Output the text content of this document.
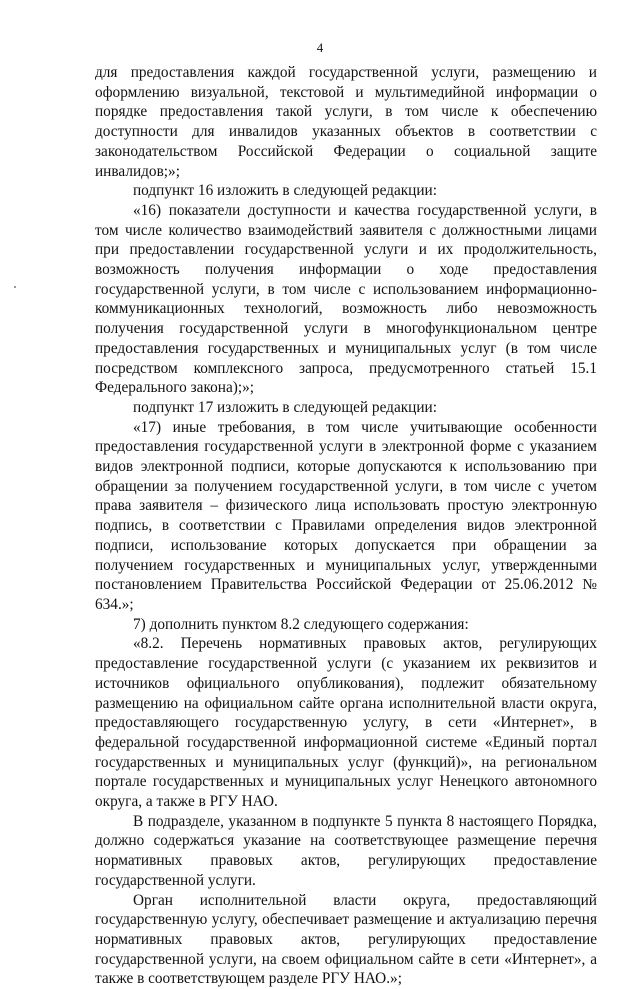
4

для предоставления каждой государственной услуги, размещению и оформлению визуальной, текстовой и мультимедийной информации о порядке предоставления такой услуги, в том числе к обеспечению доступности для инвалидов указанных объектов в соответствии с законодательством Российской Федерации о социальной защите инвалидов;»;

подпункт 16 изложить в следующей редакции:

«16) показатели доступности и качества государственной услуги, в том числе количество взаимодействий заявителя с должностными лицами при предоставлении государственной услуги и их продолжительность, возможность получения информации о ходе предоставления государственной услуги, в том числе с использованием информационно-коммуникационных технологий, возможность либо невозможность получения государственной услуги в многофункциональном центре предоставления государственных и муниципальных услуг (в том числе посредством комплексного запроса, предусмотренного статьей 15.1 Федерального закона);»;

подпункт 17 изложить в следующей редакции:

«17) иные требования, в том числе учитывающие особенности предоставления государственной услуги в электронной форме с указанием видов электронной подписи, которые допускаются к использованию при обращении за получением государственной услуги, в том числе с учетом права заявителя – физического лица использовать простую электронную подпись, в соответствии с Правилами определения видов электронной подписи, использование которых допускается при обращении за получением государственных и муниципальных услуг, утвержденными постановлением Правительства Российской Федерации от 25.06.2012 № 634.»;

7) дополнить пунктом 8.2 следующего содержания:

«8.2. Перечень нормативных правовых актов, регулирующих предоставление государственной услуги (с указанием их реквизитов и источников официального опубликования), подлежит обязательному размещению на официальном сайте органа исполнительной власти округа, предоставляющего государственную услугу, в сети «Интернет», в федеральной государственной информационной системе «Единый портал государственных и муниципальных услуг (функций)», на региональном портале государственных и муниципальных услуг Ненецкого автономного округа, а также в РГУ НАО.

В подразделе, указанном в подпункте 5 пункта 8 настоящего Порядка, должно содержаться указание на соответствующее размещение перечня нормативных правовых актов, регулирующих предоставление государственной услуги.

Орган исполнительной власти округа, предоставляющий государственную услугу, обеспечивает размещение и актуализацию перечня нормативных правовых актов, регулирующих предоставление государственной услуги, на своем официальном сайте в сети «Интернет», а также в соответствующем разделе РГУ НАО.»;
